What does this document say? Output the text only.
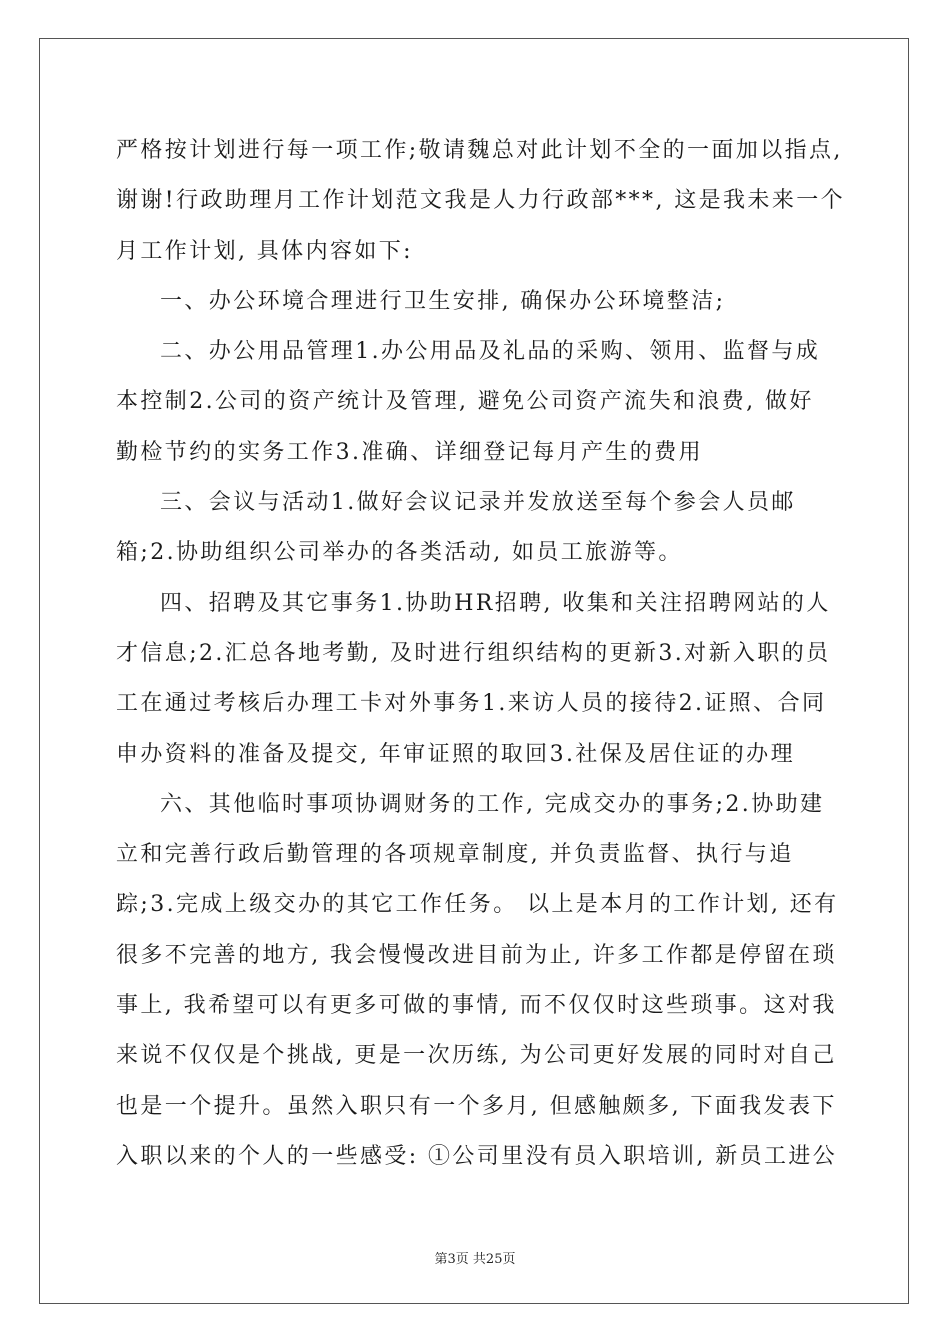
严格按计划进行每一项工作;敬请魏总对此计划不全的一面加以指点,

谢谢!行政助理月工作计划范文我是人力行政部***, 这是我未来一个

月工作计划, 具体内容如下:

一、办公环境合理进行卫生安排, 确保办公环境整洁;

二、办公用品管理1.办公用品及礼品的采购、领用、监督与成

本控制2.公司的资产统计及管理, 避免公司资产流失和浪费, 做好

勤检节约的实务工作3.准确、详细登记每月产生的费用

三、会议与活动1.做好会议记录并发放送至每个参会人员邮

箱;2.协助组织公司举办的各类活动, 如员工旅游等。

四、招聘及其它事务1.协助HR招聘, 收集和关注招聘网站的人

才信息;2.汇总各地考勤, 及时进行组织结构的更新3.对新入职的员

工在通过考核后办理工卡对外事务1.来访人员的接待2.证照、合同

申办资料的准备及提交, 年审证照的取回3.社保及居住证的办理

六、其他临时事项协调财务的工作, 完成交办的事务;2.协助建

立和完善行政后勤管理的各项规章制度, 并负责监督、执行与追

踪;3.完成上级交办的其它工作任务。 以上是本月的工作计划, 还有

很多不完善的地方, 我会慢慢改进目前为止, 许多工作都是停留在琐

事上, 我希望可以有更多可做的事情, 而不仅仅时这些琐事。这对我

来说不仅仅是个挑战, 更是一次历练, 为公司更好发展的同时对自己

也是一个提升。虽然入职只有一个多月, 但感触颇多, 下面我发表下

入职以来的个人的一些感受: ①公司里没有员入职培训, 新员工进公

第3页 共25页
